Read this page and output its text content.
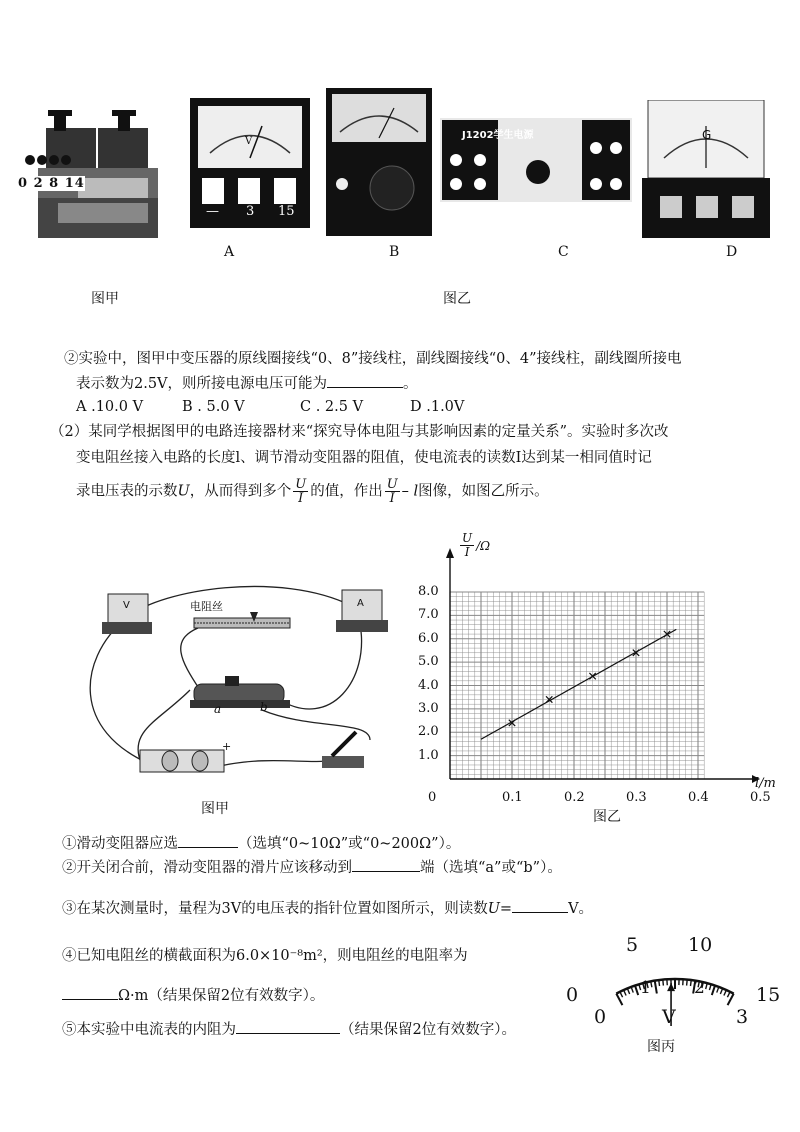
0 2 8 14
V
— 3 15
J1202学生电源	G
A	B	C	D
图甲	图乙
②实验中，图甲中变压器的原线圈接线“0、8”接线柱，副线圈接线“0、4”接线柱，副线圈所接电
表示数为2.5V，则所接电源电压可能为	。
A .10.0 V	B . 5.0 V	C . 2.5 V	D .1.0V
（2）某同学根据图甲的电路连接器材来“探究导体电阻与其影响因素的定量关系”。实验时多次改
变电阻丝接入电路的长度l、调节滑动变阻器的阻值，使电流表的读数I达到某一相同值时记
录电压表的示数U，从而得到多个 $\frac{U}{I}$ 的值，作出 $\frac{U}{I}$ – l图像，如图乙所示。
V	A
电阻丝
a	b
+
图甲
$\frac{U}{I} /\Omega$
l/m
0
1.0
2.0
3.0
4.0
5.0
6.0
7.0
8.0
0.1	0.2	0.3	0.4	0.5
图乙
①滑动变阻器应选	（选填“0~10Ω”或“0~200Ω”）。
②开关闭合前，滑动变阻器的滑片应该移动到	端（选填“a”或“b”）。
③在某次测量时，量程为3V的电压表的指针位置如图所示，则读数U=	V。
④已知电阻丝的横截面积为6.0×10⁻⁸m²，则电阻丝的电阻率为
Ω·m（结果保留2位有效数字）。
⑤本实验中电流表的内阻为	（结果保留2位有效数字）。
0
5	10
15
1	2
0	V	3
图丙
